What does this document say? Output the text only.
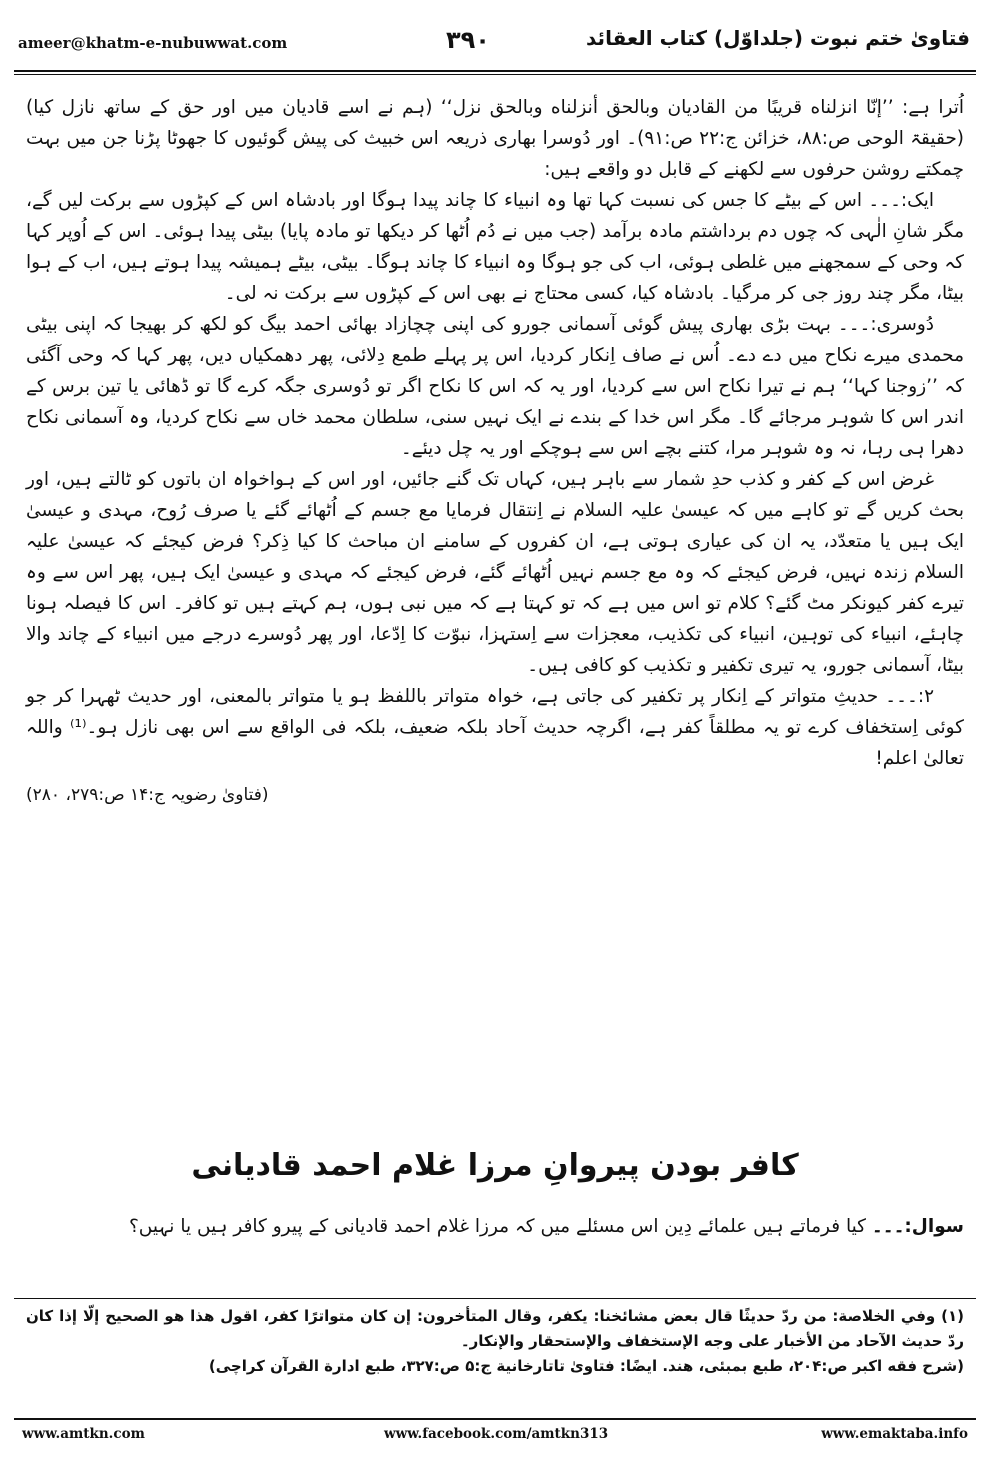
ameer@khatm-e-nubuwwat.com	۳۹۰	فتاویٰ ختم نبوت (جلداوّل) کتاب العقائد

اُترا ہے: ’’إنّا انزلناه قريبًا من القاديان وبالحق أنزلناه وبالحق نزل‘‘ (ہم نے اسے قادیان میں اور حق کے ساتھ نازل کیا) (حقیقۃ الوحی ص:۸۸، خزائن ج:۲۲ ص:۹۱)۔ اور دُوسرا بھاری ذریعہ اس خبیث کی پیش گوئیوں کا جھوٹا پڑنا جن میں بہت چمکتے روشن حرفوں سے لکھنے کے قابل دو واقعے ہیں:

ایک:۔۔۔ اس کے بیٹے کا جس کی نسبت کہا تھا وہ انبیاء کا چاند پیدا ہوگا اور بادشاہ اس کے کپڑوں سے برکت لیں گے، مگر شانِ الٰہی کہ چوں دم برداشتم مادہ برآمد (جب میں نے دُم اُٹھا کر دیکھا تو مادہ پایا) بیٹی پیدا ہوئی۔ اس کے اُوپر کہا کہ وحی کے سمجھنے میں غلطی ہوئی، اب کی جو ہوگا وہ انبیاء کا چاند ہوگا۔ بیٹی، بیٹے ہمیشہ پیدا ہوتے ہیں، اب کے ہوا بیٹا، مگر چند روز جی کر مرگیا۔ بادشاہ کیا، کسی محتاج نے بھی اس کے کپڑوں سے برکت نہ لی۔

دُوسری:۔۔۔ بہت بڑی بھاری پیش گوئی آسمانی جورو کی اپنی چچازاد بھائی احمد بیگ کو لکھ کر بھیجا کہ اپنی بیٹی محمدی میرے نکاح میں دے دے۔ اُس نے صاف اِنکار کردیا، اس پر پہلے طمع دِلائی، پھر دھمکیاں دیں، پھر کہا کہ وحی آگئی کہ ’’زوجنا کہا‘‘ ہم نے تیرا نکاح اس سے کردیا، اور یہ کہ اس کا نکاح اگر تو دُوسری جگہ کرے گا تو ڈھائی یا تین برس کے اندر اس کا شوہر مرجائے گا۔ مگر اس خدا کے بندے نے ایک نہیں سنی، سلطان محمد خاں سے نکاح کردیا، وہ آسمانی نکاح دھرا ہی رہا، نہ وہ شوہر مرا، کتنے بچے اس سے ہوچکے اور یہ چل دیئے۔

غرض اس کے کفر و کذب حدِ شمار سے باہر ہیں، کہاں تک گنے جائیں، اور اس کے ہواخواہ ان باتوں کو ٹالتے ہیں، اور بحث کریں گے تو کاہے میں کہ عیسیٰ علیہ السلام نے اِنتقال فرمایا مع جسم کے اُٹھائے گئے یا صرف رُوح، مہدی و عیسیٰ ایک ہیں یا متعدّد، یہ ان کی عیاری ہوتی ہے، ان کفروں کے سامنے ان مباحث کا کیا ذِکر؟ فرض کیجئے کہ عیسیٰ علیہ السلام زندہ نہیں، فرض کیجئے کہ وہ مع جسم نہیں اُٹھائے گئے، فرض کیجئے کہ مہدی و عیسیٰ ایک ہیں، پھر اس سے وہ تیرے کفر کیونکر مٹ گئے؟ کلام تو اس میں ہے کہ تو کہتا ہے کہ میں نبی ہوں، ہم کہتے ہیں تو کافر۔ اس کا فیصلہ ہونا چاہئے، انبیاء کی توہین، انبیاء کی تکذیب، معجزات سے اِستہزا، نبوّت کا اِدّعا، اور پھر دُوسرے درجے میں انبیاء کے چاند والا بیٹا، آسمانی جورو، یہ تیری تکفیر و تکذیب کو کافی ہیں۔

۲:۔۔۔ حدیثِ متواتر کے اِنکار پر تکفیر کی جاتی ہے، خواہ متواتر باللفظ ہو یا متواتر بالمعنی، اور حدیث ٹھہرا کر جو کوئی اِستخفاف کرے تو یہ مطلقاً کفر ہے، اگرچہ حدیث آحاد بلکہ ضعیف، بلکہ فی الواقع سے اس بھی نازل ہو۔⁽¹⁾ واللہ تعالیٰ اعلم!

(فتاویٰ رضویہ ج:۱۴ ص:۲۷۹، ۲۸۰)

کافر بودن پیروانِ مرزا غلام احمد قادیانی
سوال:۔۔۔ کیا فرماتے ہیں علمائے دِین اس مسئلے میں کہ مرزا غلام احمد قادیانی کے پیرو کافر ہیں یا نہیں؟

(۱) وفي الخلاصة: من ردّ حديثًا قال بعض مشائخنا: يكفر، وقال المتأخرون: إن كان متواترًا كفر، اقول هذا هو الصحيح إلّا إذا كان ردّ حديث الآحاد من الأخبار على وجه الإستخفاف والإستحقار والإنكار۔

(شرح فقه اكبر ص:۲۰۴، طبع بمبئی، هند. ایضًا: فتاویٰ تاتارخانیة ج:۵ ص:۳۲۷، طبع ادارة القرآن كراچی)

www.amtkn.com	www.facebook.com/amtkn313	www.emaktaba.info
